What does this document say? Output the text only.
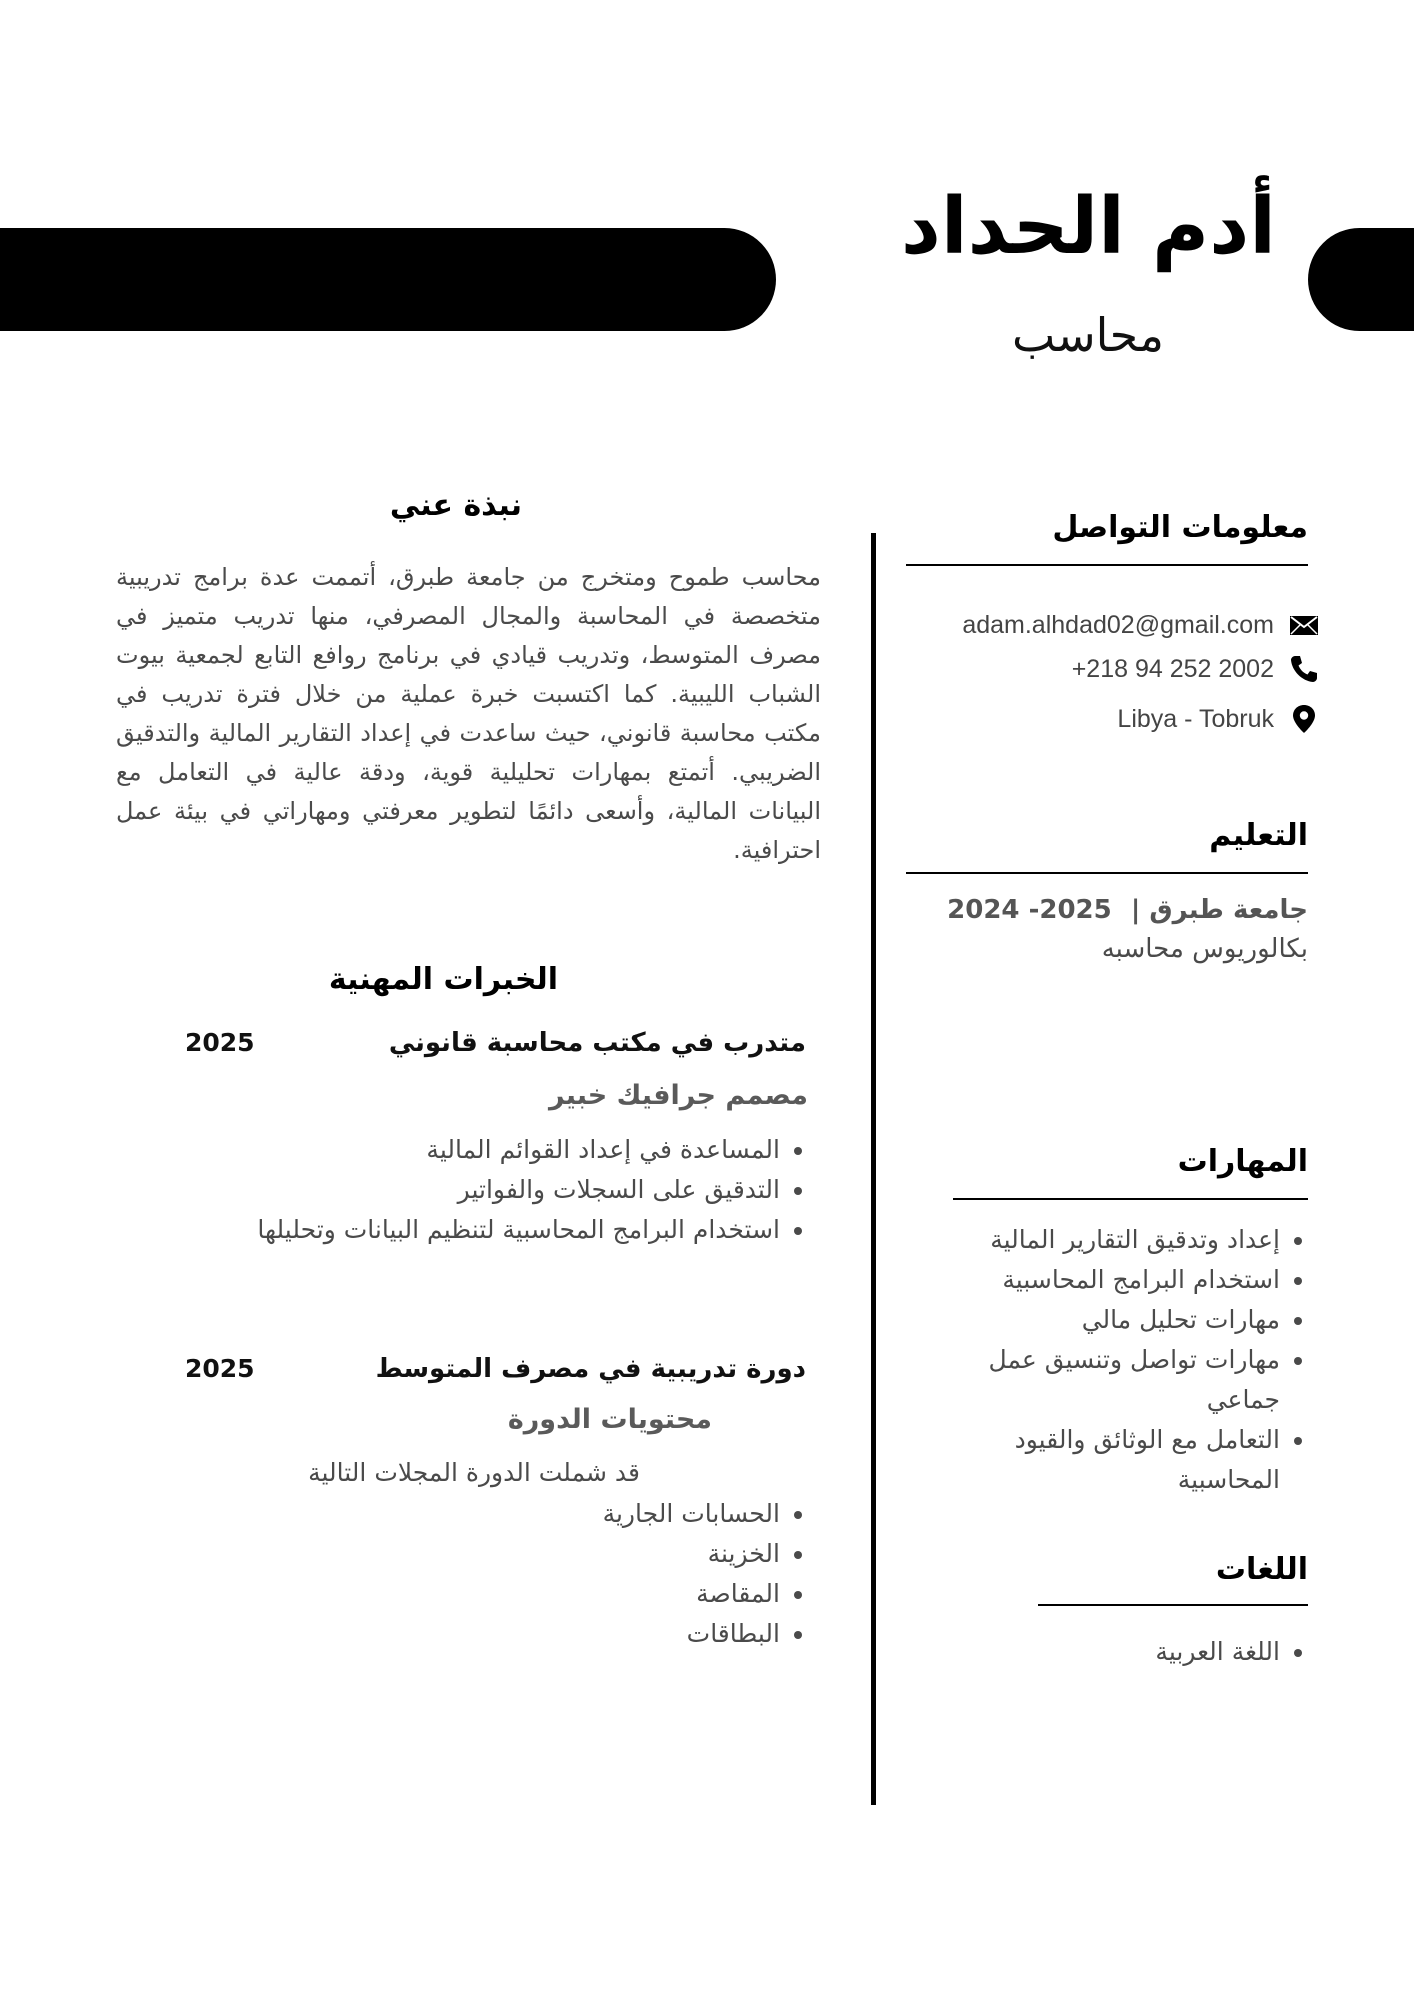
أدم الحداد
محاسب
معلومات التواصل
adam.alhdad02@gmail.com
+218 94 252 2002
Libya - Tobruk
التعليم
جامعة طبرق | 2024 -2025
بكالوريوس محاسبه
المهارات
• إعداد وتدقيق التقارير المالية
• استخدام البرامج المحاسبية
• مهارات تحليل مالي
• مهارات تواصل وتنسيق عمل جماعي
• التعامل مع الوثائق والقيود المحاسبية
اللغات
• اللغة العربية
نبذة عني
محاسب طموح ومتخرج من جامعة طبرق، أتممت عدة برامج تدريبية متخصصة في المحاسبة والمجال المصرفي، منها تدريب متميز في مصرف المتوسط، وتدريب قيادي في برنامج روافع التابع لجمعية بيوت الشباب الليبية. كما اكتسبت خبرة عملية من خلال فترة تدريب في مكتب محاسبة قانوني، حيث ساعدت في إعداد التقارير المالية والتدقيق الضريبي. أتمتع بمهارات تحليلية قوية، ودقة عالية في التعامل مع البيانات المالية، وأسعى دائمًا لتطوير معرفتي ومهاراتي في بيئة عمل احترافية.
الخبرات المهنية
متدرب في مكتب محاسبة قانوني
2025
مصمم جرافيك خبير
• المساعدة في إعداد القوائم المالية
• التدقيق على السجلات والفواتير
• استخدام البرامج المحاسبية لتنظيم البيانات وتحليلها
دورة تدريبية في مصرف المتوسط
2025
محتويات الدورة
قد شملت الدورة المجلات التالية
• الحسابات الجارية
• الخزينة
• المقاصة
• البطاقات
